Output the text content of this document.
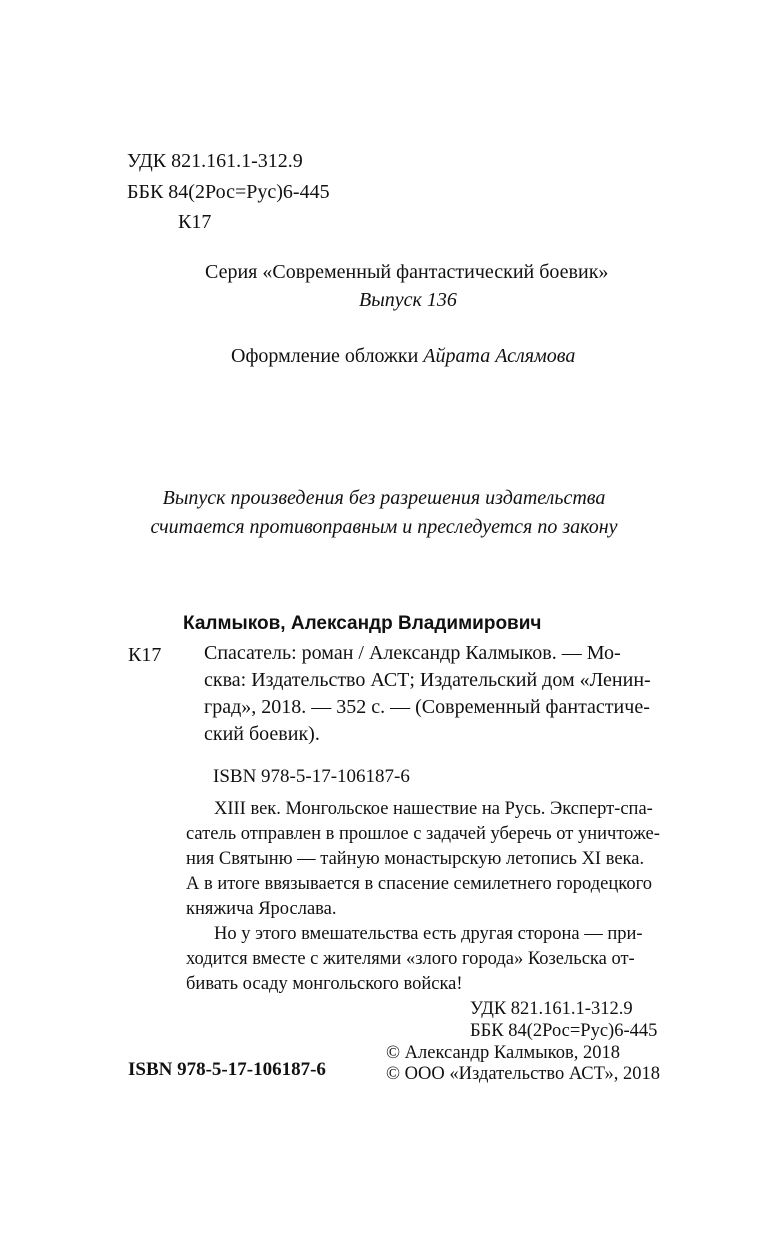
УДК 821.161.1-312.9
ББК 84(2Рос=Рус)6-445
К17
Серия «Современный фантастический боевик»
Выпуск 136
Оформление обложки Айрата Аслямова
Выпуск произведения без разрешения издательства
считается противоправным и преследуется по закону
Калмыков, Александр Владимирович
К17 Спасатель: роман / Александр Калмыков. — Мо-

сква: Издательство АСТ; Издательский дом «Ленин-

град», 2018. — 352 с. — (Современный фантастиче-

ский боевик).

ISBN 978-5-17-106187-6

XIII век. Монгольское нашествие на Русь. Эксперт-спа-

сатель отправлен в прошлое с задачей уберечь от уничтоже-

ния Святыню — тайную монастырскую летопись XI века.

А в итоге ввязывается в спасение семилетнего городецкого

княжича Ярослава.

Но у этого вмешательства есть другая сторона — при-

ходится вместе с жителями «злого города» Козельска от-

бивать осаду монгольского войска!

УДК 821.161.1-312.9
ББК 84(2Рос=Рус)6-445
ISBN 978-5-17-106187-6
© Александр Калмыков, 2018
© ООО «Издательство АСТ», 2018
